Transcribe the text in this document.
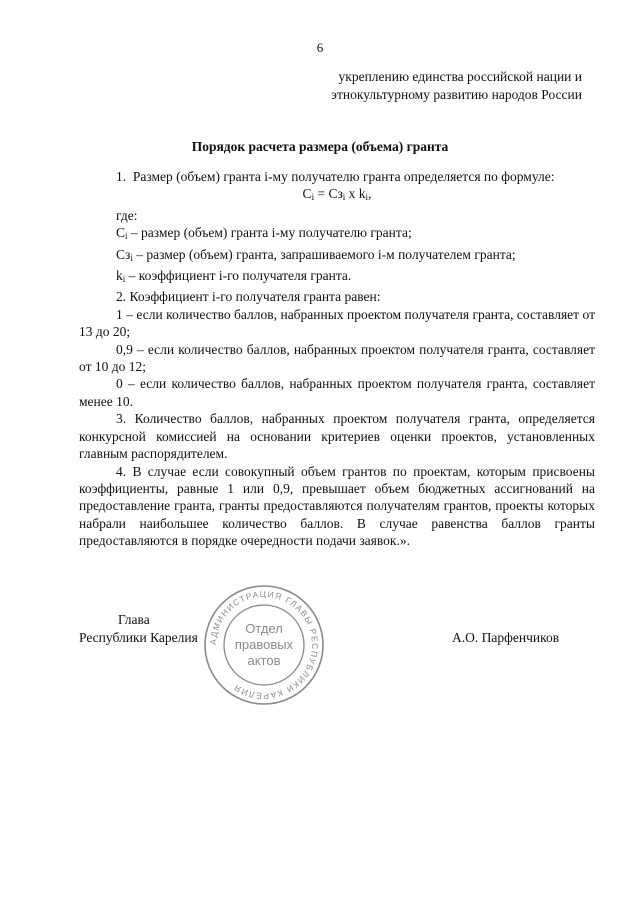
6
укреплению единства российской нации и
этнокультурному развитию народов России
Порядок расчета размера (объема) гранта

1.  Размер (объем) гранта i-му получателю гранта определяется по формуле:

$C_i = Cз_i$ x $k_i$,

где:

$C_i$ – размер (объем) гранта i-му получателю гранта;

$Cз_i$ – размер (объем) гранта, запрашиваемого i-м получателем гранта;

$k_i$ – коэффициент i-го получателя гранта.

2. Коэффициент i-го получателя гранта равен:

1 – если количество баллов, набранных проектом получателя гранта, составляет от 13 до 20;

0,9 – если количество баллов, набранных проектом получателя гранта, составляет от 10 до 12;

0 – если количество баллов, набранных проектом получателя гранта, составляет менее 10.

3. Количество баллов, набранных проектом получателя гранта, определяется конкурсной комиссией на основании критериев оценки проектов, установленных главным распорядителем.

4. В случае если совокупный объем грантов по проектам, которым присвоены коэффициенты, равные 1 или 0,9, превышает объем бюджетных ассигнований на предоставление гранта, гранты предоставляются получателям грантов, проекты которых набрали наибольшее количество баллов. В случае равенства баллов гранты предоставляются в порядке очередности подачи заявок.».

Глава
Республики Карелия	А.О. Парфенчиков
АДМИНИСТРАЦИЯ ГЛАВЫ РЕСПУБЛИКИ КАРЕЛИЯ
Отдел
правовых
актов
